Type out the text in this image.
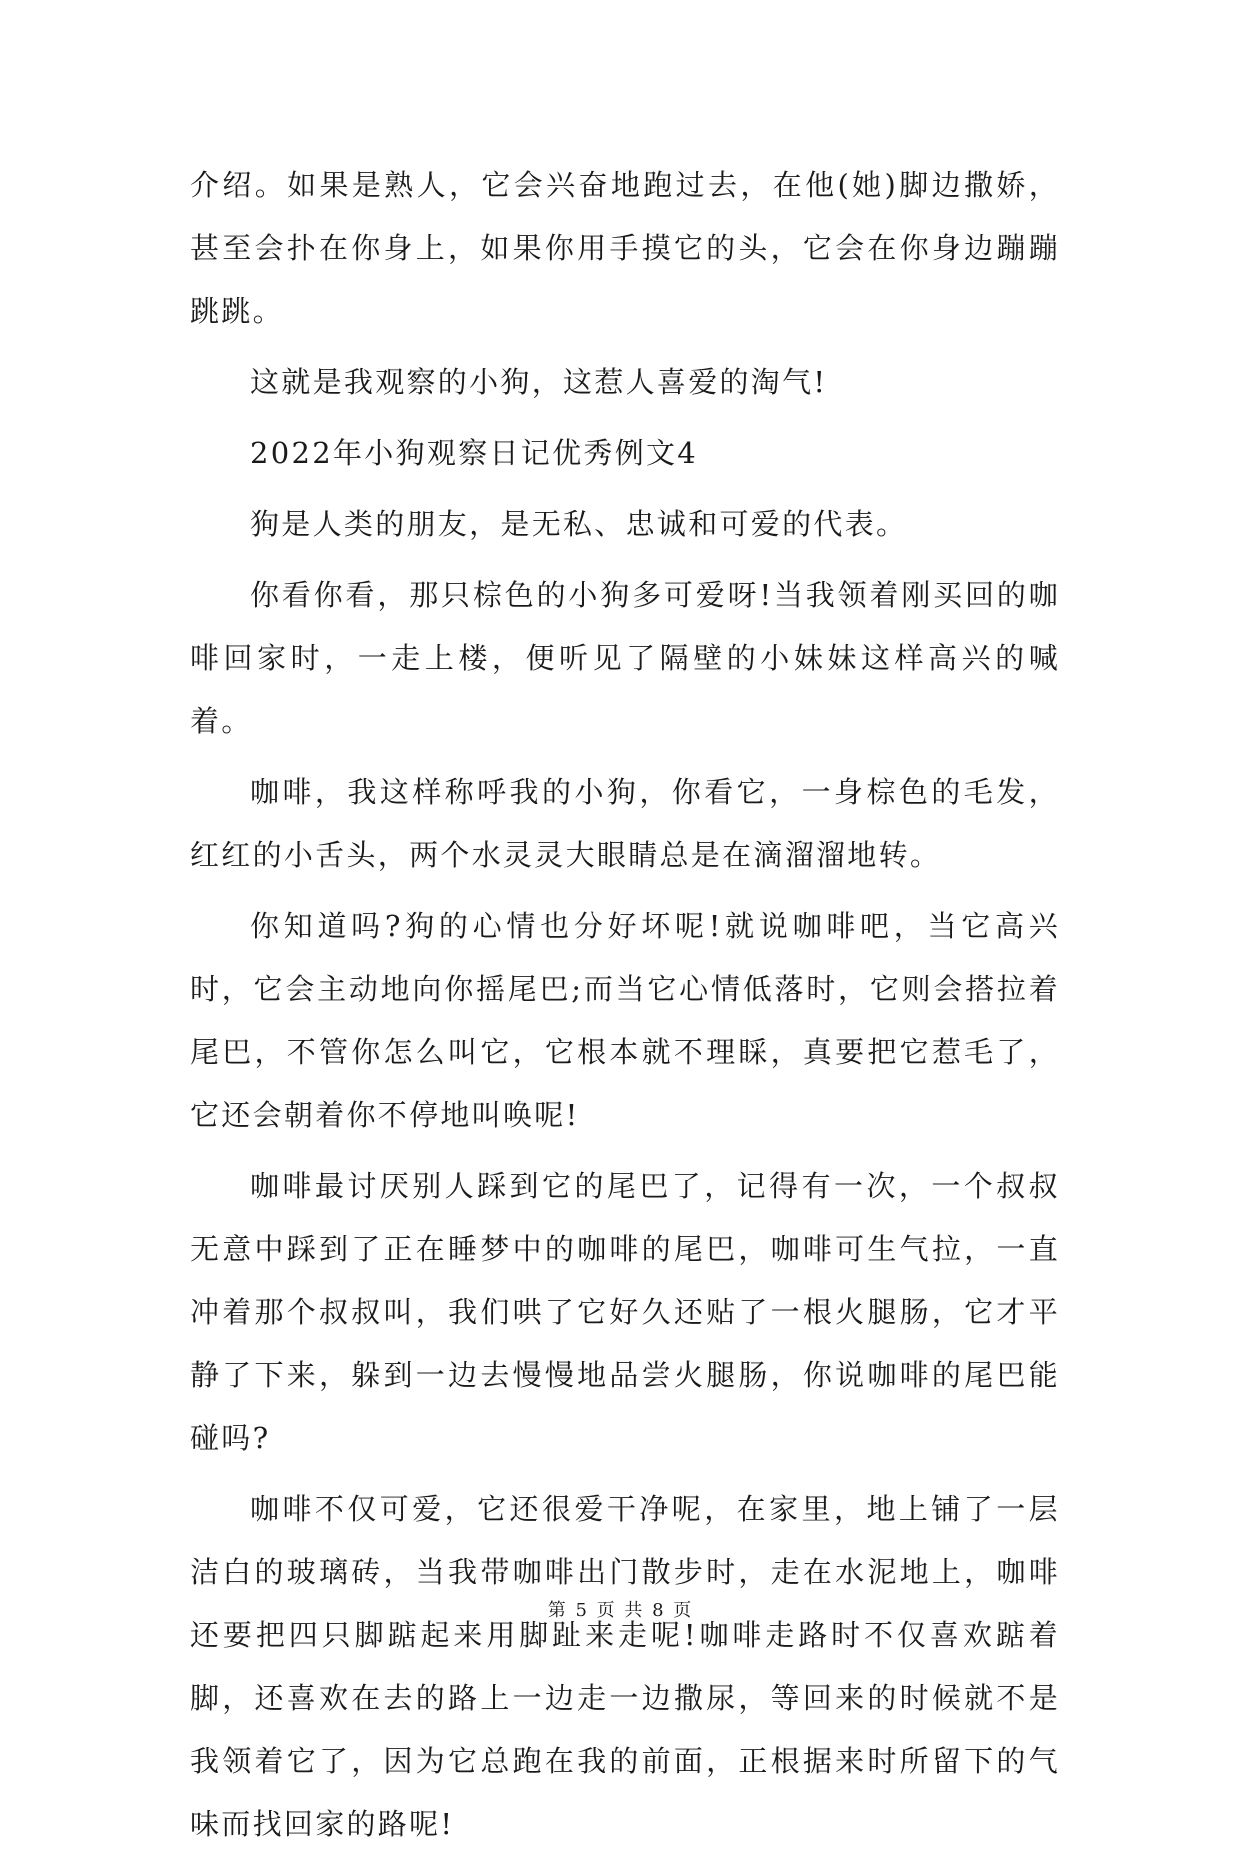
介绍。如果是熟人，它会兴奋地跑过去，在他(她)脚边撒娇，甚至会扑在你身上，如果你用手摸它的头，它会在你身边蹦蹦跳跳。

这就是我观察的小狗，这惹人喜爱的淘气!

2022年小狗观察日记优秀例文4

狗是人类的朋友，是无私、忠诚和可爱的代表。

你看你看，那只棕色的小狗多可爱呀!当我领着刚买回的咖啡回家时，一走上楼，便听见了隔壁的小妹妹这样高兴的喊着。

咖啡，我这样称呼我的小狗，你看它，一身棕色的毛发，红红的小舌头，两个水灵灵大眼睛总是在滴溜溜地转。

你知道吗?狗的心情也分好坏呢!就说咖啡吧，当它高兴时，它会主动地向你摇尾巴;而当它心情低落时，它则会搭拉着尾巴，不管你怎么叫它，它根本就不理睬，真要把它惹毛了，它还会朝着你不停地叫唤呢!

咖啡最讨厌别人踩到它的尾巴了，记得有一次，一个叔叔无意中踩到了正在睡梦中的咖啡的尾巴，咖啡可生气拉，一直冲着那个叔叔叫，我们哄了它好久还贴了一根火腿肠，它才平静了下来，躲到一边去慢慢地品尝火腿肠，你说咖啡的尾巴能碰吗?

咖啡不仅可爱，它还很爱干净呢，在家里，地上铺了一层洁白的玻璃砖，当我带咖啡出门散步时，走在水泥地上，咖啡还要把四只脚踮起来用脚趾来走呢!咖啡走路时不仅喜欢踮着脚，还喜欢在去的路上一边走一边撒尿，等回来的时候就不是我领着它了，因为它总跑在我的前面，正根据来时所留下的气味而找回家的路呢!

第 5 页 共 8 页
